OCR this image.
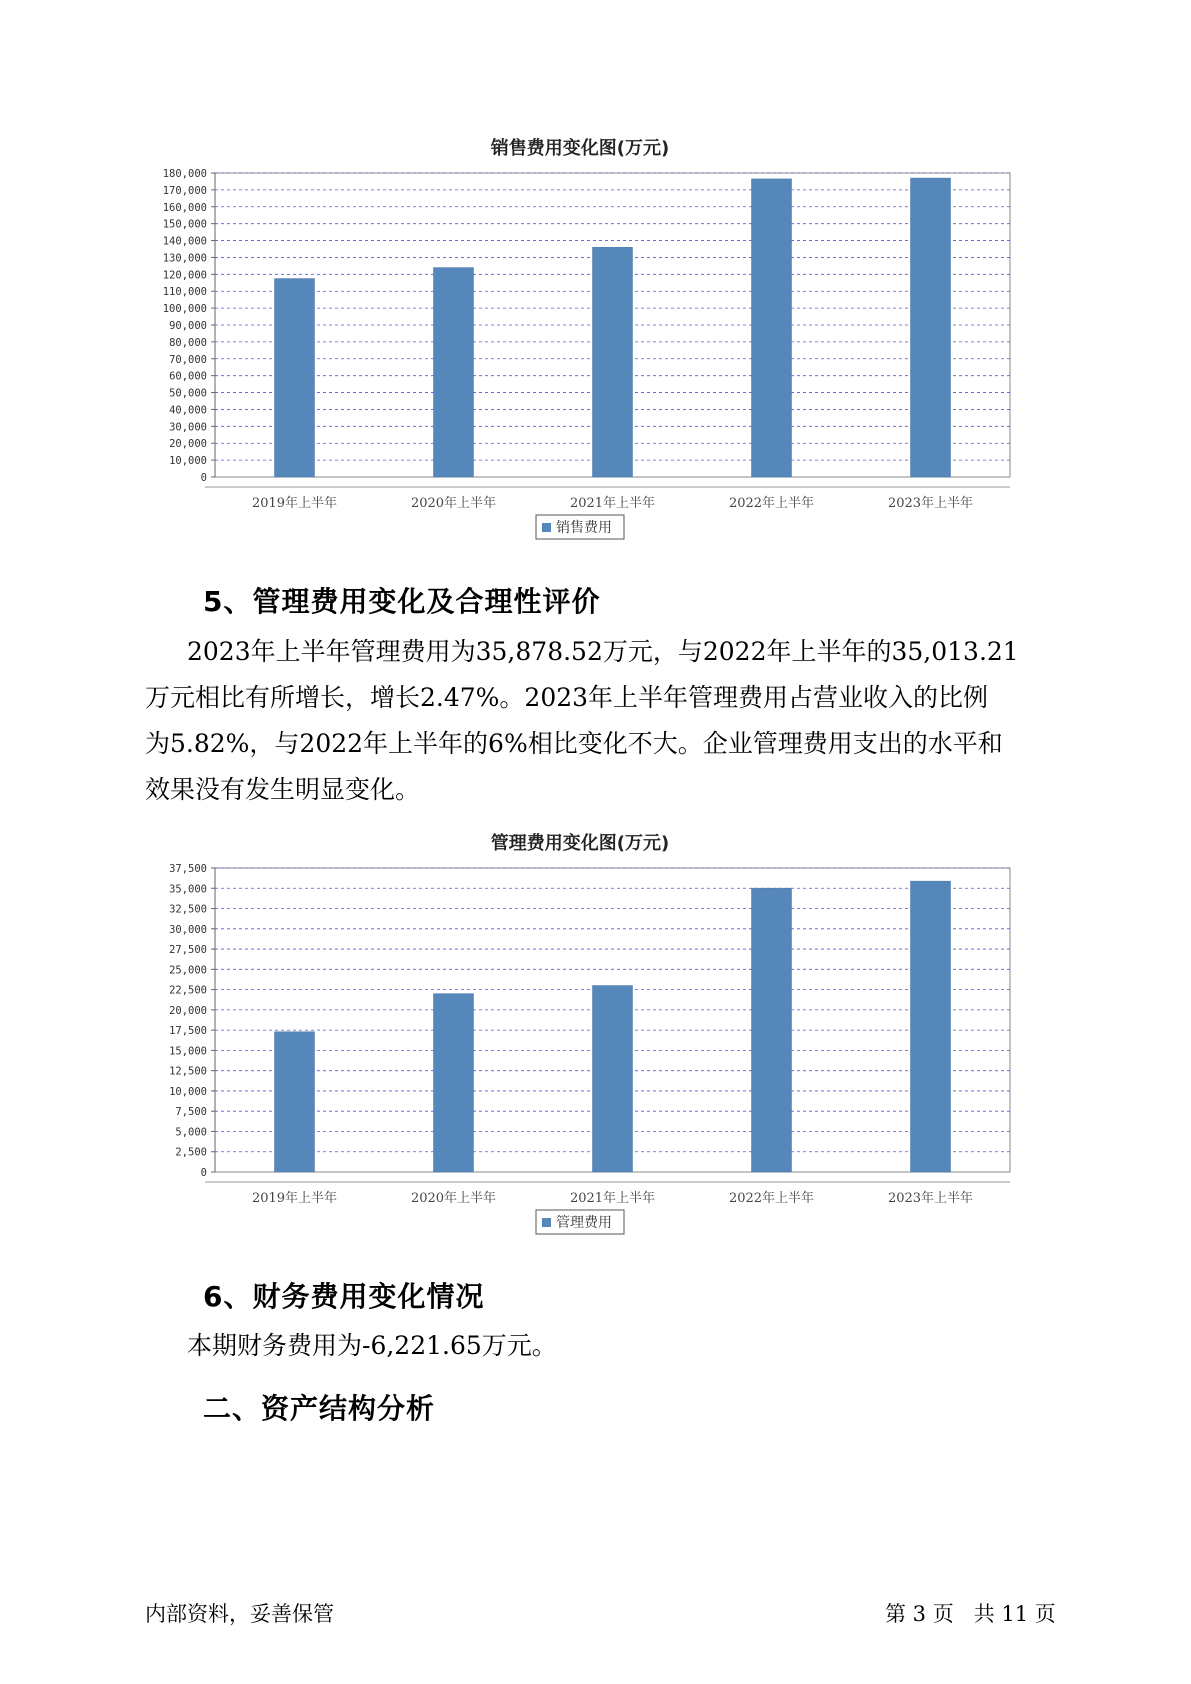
销售费用变化图(万元)
0
10,000
20,000
30,000
40,000
50,000
60,000
70,000
80,000
90,000
100,000
110,000
120,000
130,000
140,000
150,000
160,000
170,000
180,000
2019年上半年	2020年上半年	2021年上半年	2022年上半年	2023年上半年
销售费用
5、管理费用变化及合理性评价

2023年上半年管理费用为35,878.52万元，与2022年上半年的35,013.21

万元相比有所增长，增长2.47%。2023年上半年管理费用占营业收入的比例

为5.82%，与2022年上半年的6%相比变化不大。企业管理费用支出的水平和

效果没有发生明显变化。

管理费用变化图(万元)
0
2,500
5,000
7,500
10,000
12,500
15,000
17,500
20,000
22,500
25,000
27,500
30,000
32,500
35,000
37,500
2019年上半年	2020年上半年	2021年上半年	2022年上半年	2023年上半年
管理费用
6、财务费用变化情况
本期财务费用为-6,221.65万元。
二、资产结构分析
内部资料，妥善保管	第 3 页   共 11 页
